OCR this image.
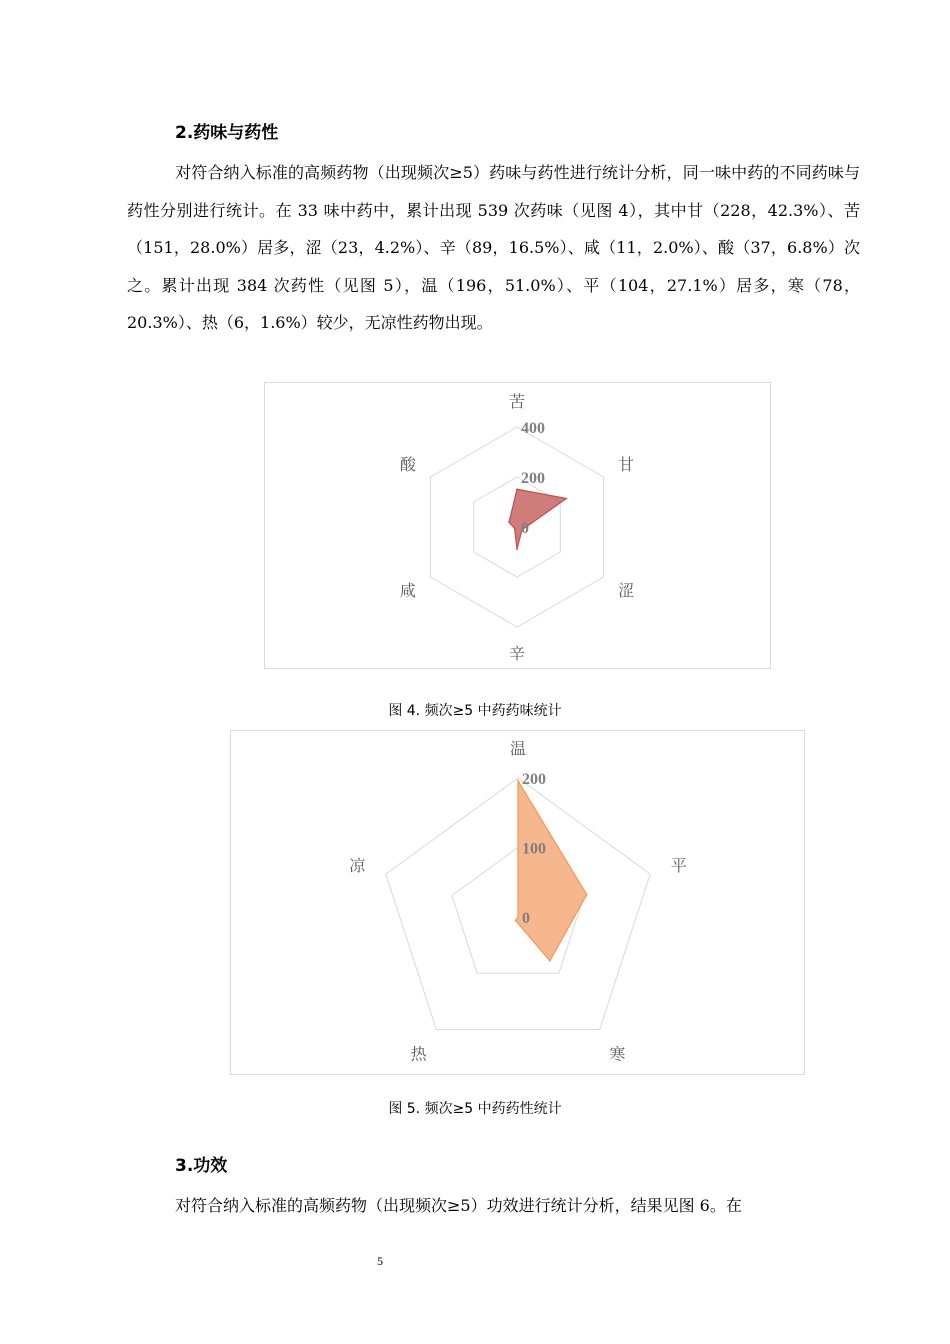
2.药味与药性

对符合纳入标准的高频药物（出现频次≥5）药味与药性进行统计分析，同一味中药的不同药味与药性分别进行统计。在 33 味中药中，累计出现 539 次药味（见图 4），其中甘（228，42.3%）、苦（151，28.0%）居多，涩（23，4.2%）、辛（89，16.5%）、咸（11，2.0%）、酸（37，6.8%）次之。累计出现 384 次药性（见图 5），温（196，51.0%）、平（104，27.1%）居多，寒（78，20.3%）、热（6，1.6%）较少，无凉性药物出现。

0
200
400
苦
甘
涩
辛
咸
酸
图 4. 频次≥5 中药药味统计
0
100
200
温
平
寒
热
凉
图 5. 频次≥5 中药药性统计
3.功效

对符合纳入标准的高频药物（出现频次≥5）功效进行统计分析，结果见图 6。在

5
